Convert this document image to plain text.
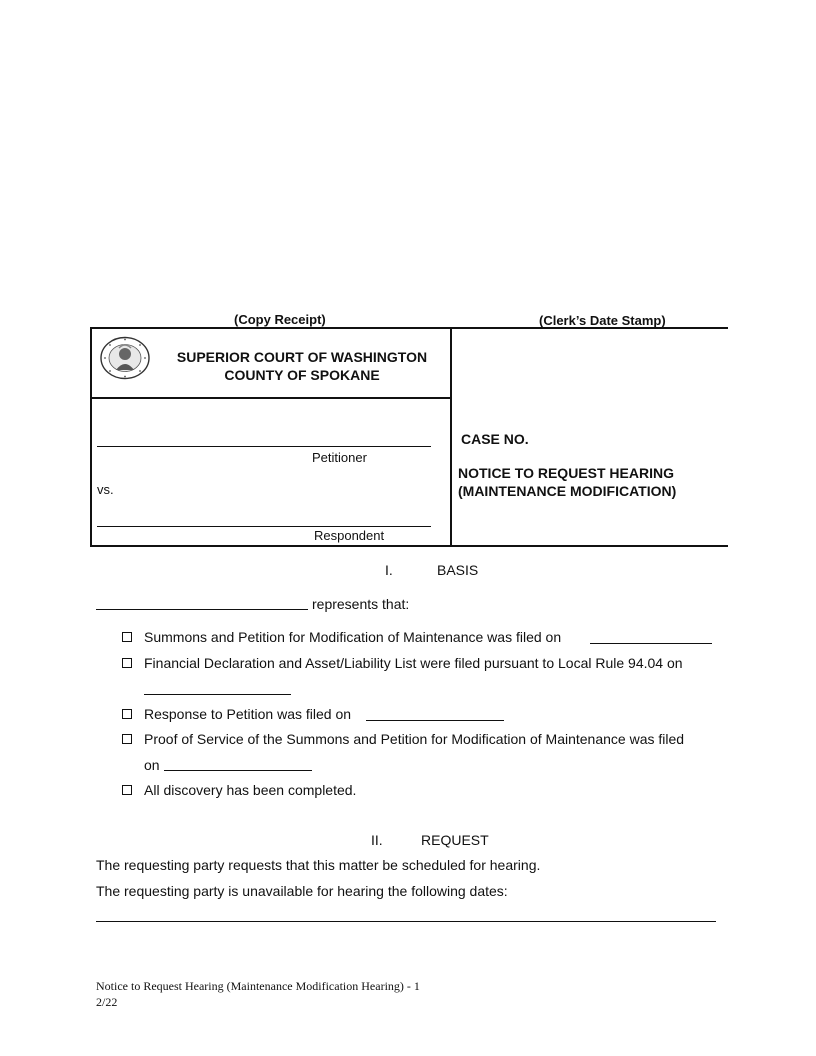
(Copy Receipt)	(Clerk’s Date Stamp)
SUPERIOR COURT OF WASHINGTON
COUNTY OF SPOKANE
Petitioner
vs.
Respondent
CASE NO.
NOTICE TO REQUEST HEARING
(MAINTENANCE MODIFICATION)
I.	BASIS
represents that:
Summons and Petition for Modification of Maintenance was filed on
Financial Declaration and Asset/Liability List were filed pursuant to Local Rule 94.04 on
Response to Petition was filed on
Proof of Service of the Summons and Petition for Modification of Maintenance was filed
on
All discovery has been completed.
II.	REQUEST
The requesting party requests that this matter be scheduled for hearing.
The requesting party is unavailable for hearing the following dates:
Notice to Request Hearing (Maintenance Modification Hearing) - 1
2/22
